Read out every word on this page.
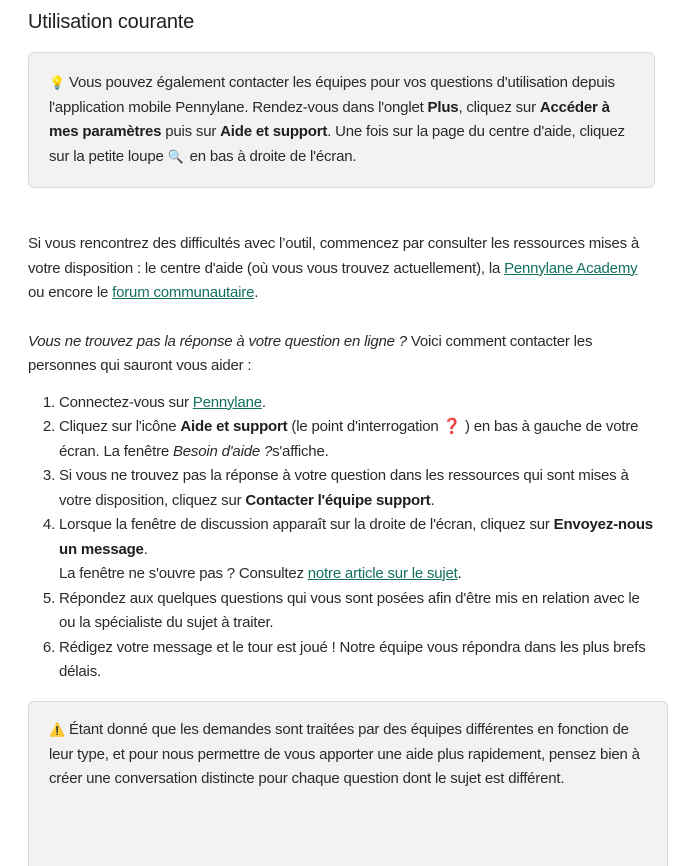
Utilisation courante
💡 Vous pouvez également contacter les équipes pour vos questions d'utilisation depuis l'application mobile Pennylane. Rendez-vous dans l'onglet Plus, cliquez sur Accéder à mes paramètres puis sur Aide et support. Une fois sur la page du centre d'aide, cliquez sur la petite loupe 🔍 en bas à droite de l'écran.

Si vous rencontrez des difficultés avec l’outil, commencez par consulter les ressources mises à votre disposition : le centre d'aide (où vous vous trouvez actuellement), la Pennylane Academy ou encore le forum communautaire.

Vous ne trouvez pas la réponse à votre question en ligne ? Voici comment contacter les personnes qui sauront vous aider :

1. Connectez-vous sur Pennylane.
2. Cliquez sur l'icône Aide et support (le point d'interrogation ❓ ) en bas à gauche de votre écran. La fenêtre Besoin d'aide ?s'affiche.
3. Si vous ne trouvez pas la réponse à votre question dans les ressources qui sont mises à votre disposition, cliquez sur Contacter l'équipe support.
4. Lorsque la fenêtre de discussion apparaît sur la droite de l'écran, cliquez sur Envoyez-nous un message.
La fenêtre ne s'ouvre pas ? Consultez notre article sur le sujet.
5. Répondez aux quelques questions qui vous sont posées afin d'être mis en relation avec le ou la spécialiste du sujet à traiter.
6. Rédigez votre message et le tour est joué ! Notre équipe vous répondra dans les plus brefs délais.
⚠️ Étant donné que les demandes sont traitées par des équipes différentes en fonction de leur type, et pour nous permettre de vous apporter une aide plus rapidement, pensez bien à créer une conversation distincte pour chaque question dont le sujet est différent.
